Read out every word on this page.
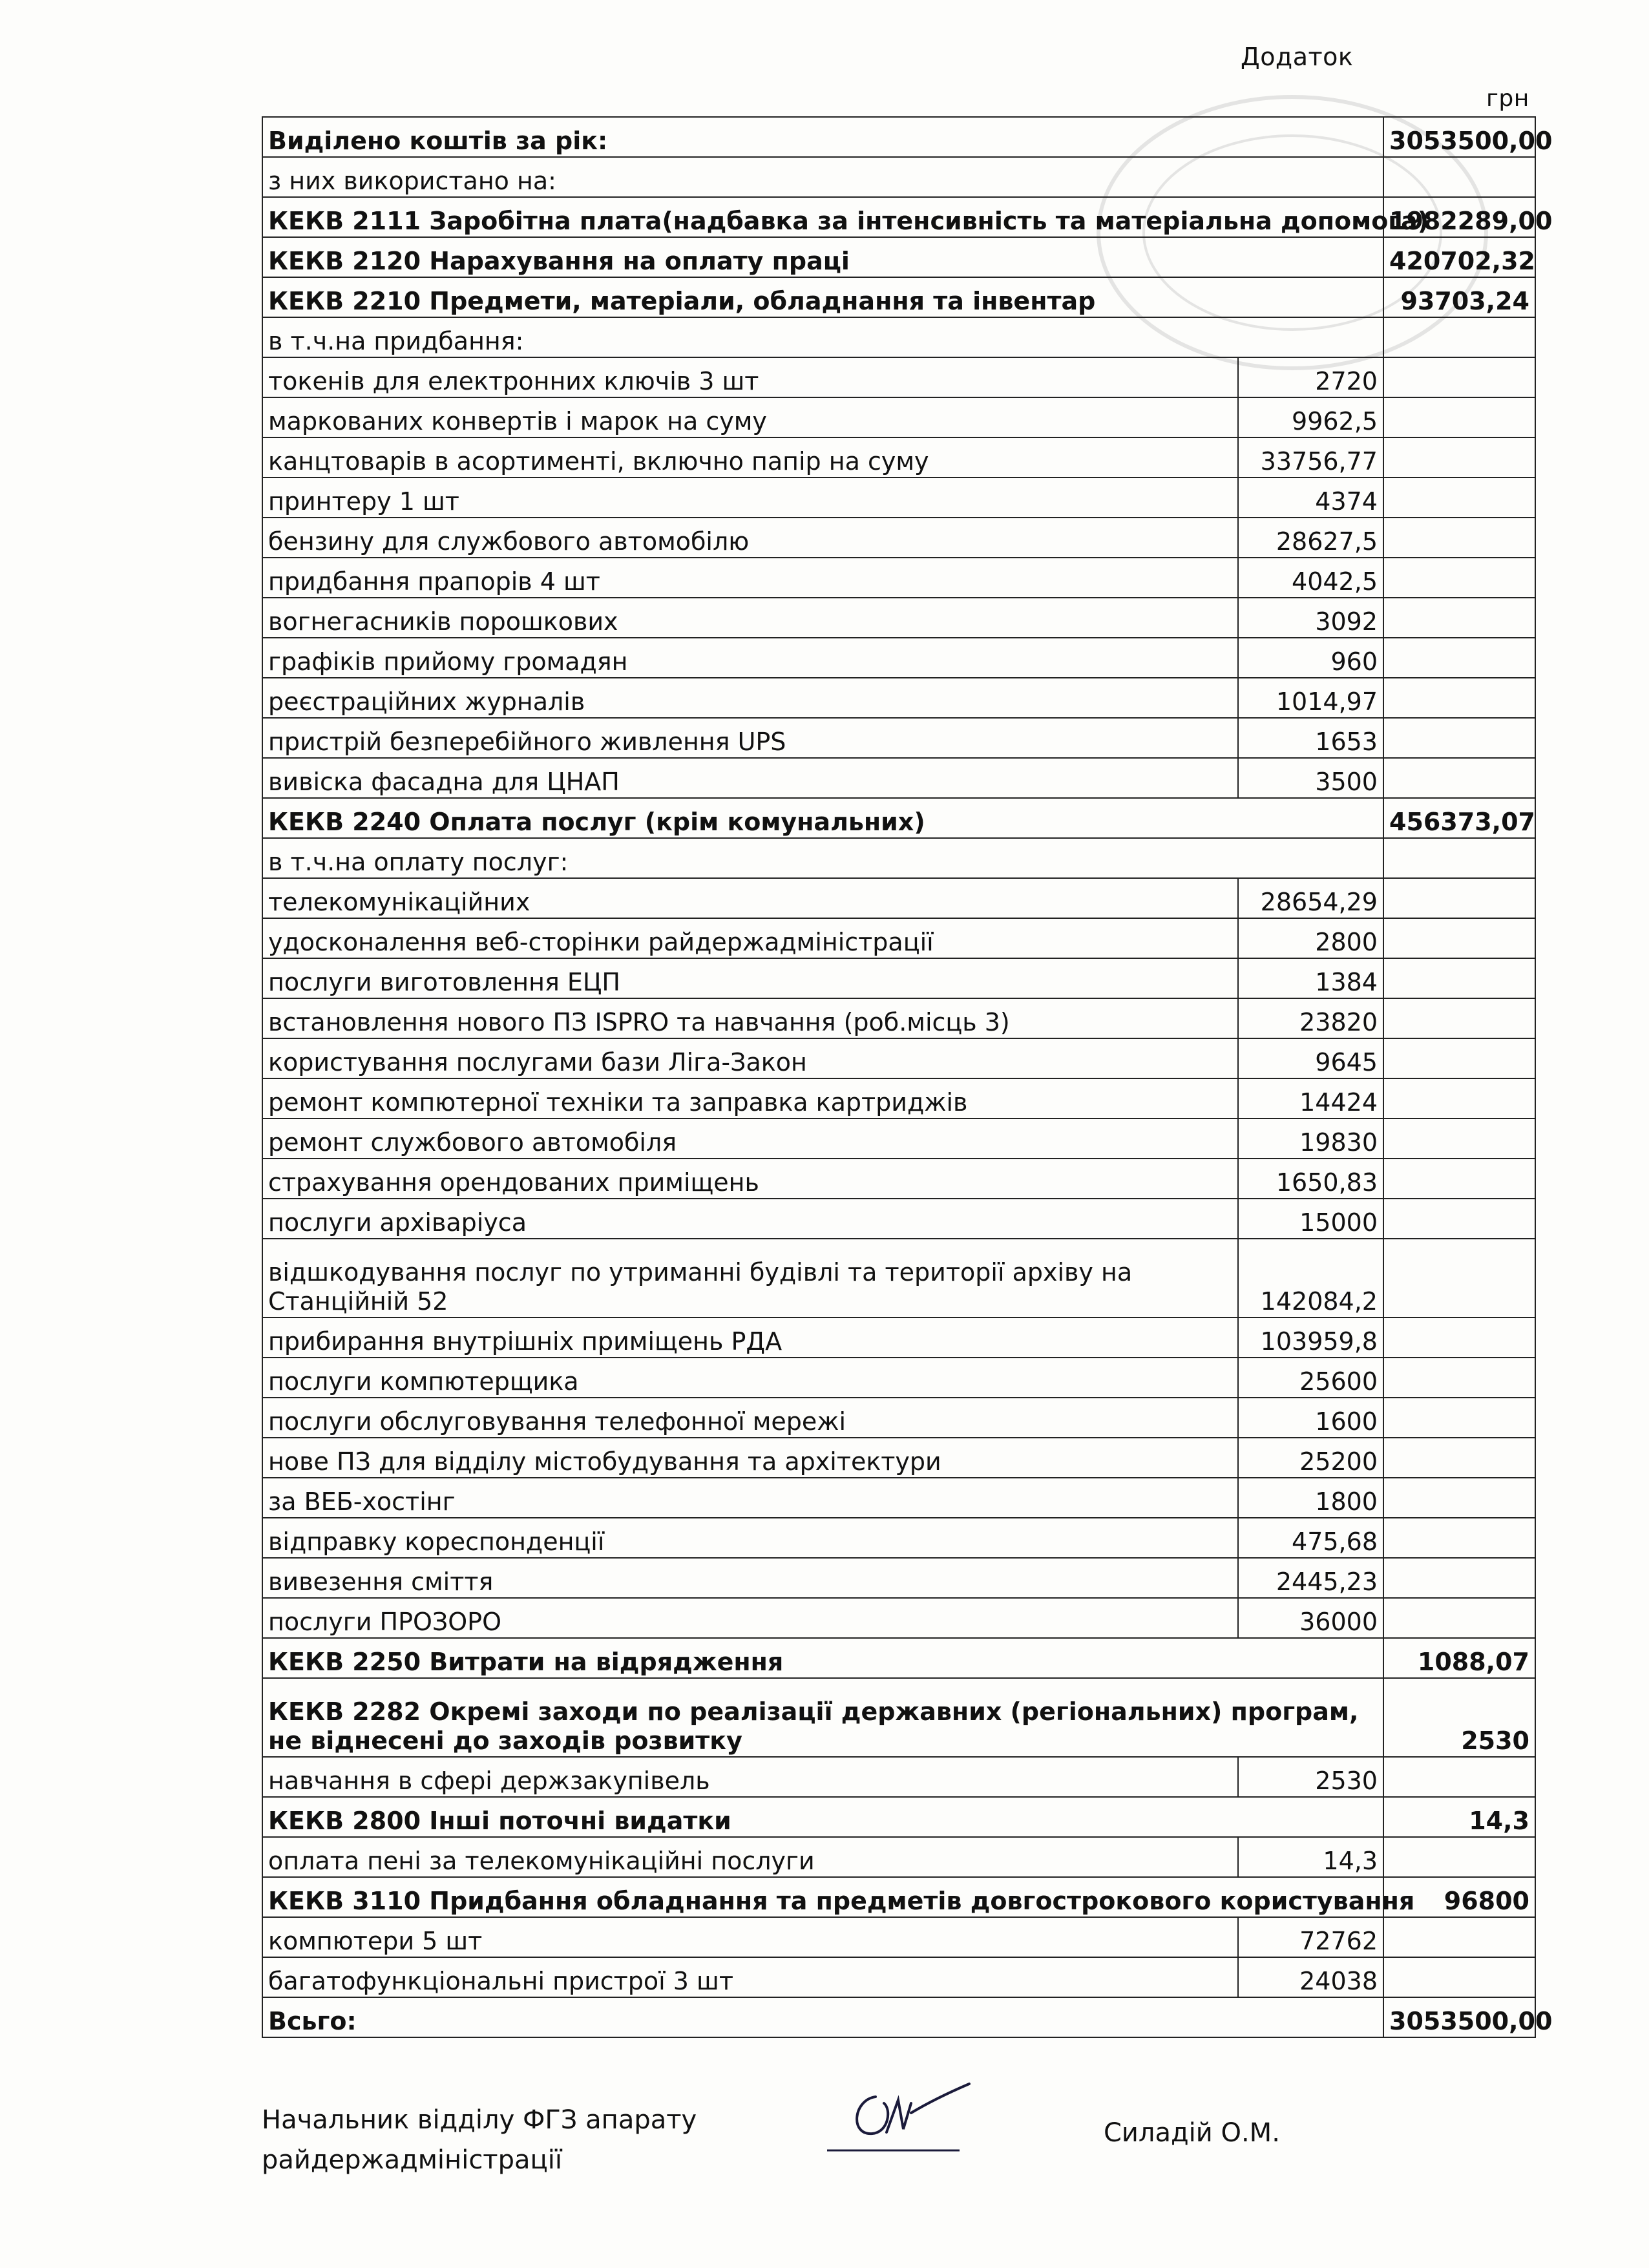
Додаток
грн
Виділено коштів за рік:		3053500,00
з них використано на:		
КЕКВ 2111 Заробітна плата(надбавка за інтенсивність та матеріальна допомога)		1982289,00
КЕКВ 2120 Нарахування на оплату праці		420702,32
КЕКВ 2210 Предмети, матеріали, обладнання та інвентар		93703,24
в т.ч.на придбання:		
токенів для електронних ключів 3 шт	2720	
маркованих конвертів і марок на суму	9962,5	
канцтоварів в асортименті, включно папір на суму	33756,77	
принтеру 1 шт	4374	
бензину для службового автомобілю	28627,5	
придбання прапорів 4 шт	4042,5	
вогнегасників порошкових	3092	
графіків прийому громадян	960	
реєстраційних журналів	1014,97	
пристрій безперебійного живлення UPS	1653	
вивіска фасадна для ЦНАП	3500	
КЕКВ 2240 Оплата послуг (крім комунальних)		456373,07
в т.ч.на оплату послуг:		
телекомунікаційних	28654,29	
удосконалення веб-сторінки райдержадміністрації	2800	
послуги виготовлення ЕЦП	1384	
встановлення нового ПЗ ISPRO та навчання (роб.місць 3)	23820	
користування послугами бази Ліга-Закон	9645	
ремонт компютерної техніки та заправка картриджів	14424	
ремонт службового автомобіля	19830	
страхування орендованих приміщень	1650,83	
послуги архіваріуса	15000	
відшкодування послуг по утриманні будівлі та території архіву на Станційній 52	142084,2	
прибирання внутрішніх приміщень РДА	103959,8	
послуги компютерщика	25600	
послуги обслуговування телефонної мережі	1600	
нове ПЗ для відділу містобудування та архітектури	25200	
за ВЕБ-хостінг	1800	
відправку кореспонденції	475,68	
вивезення сміття	2445,23	
послуги ПРОЗОРО	36000	
КЕКВ 2250 Витрати на відрядження		1088,07
КЕКВ 2282 Окремі заходи по реалізації державних (регіональних) програм, не віднесені до заходів розвитку		2530
навчання в сфері держзакупівель	2530	
КЕКВ 2800 Інші поточні видатки		14,3
оплата пені за телекомунікаційні послуги	14,3	
КЕКВ 3110 Придбання обладнання та предметів довгострокового користування		96800
компютери 5 шт	72762	
багатофункціональні пристрої 3 шт	24038	
Всьго:		3053500,00
Начальник відділу ФГЗ апарату
райдержадміністрації
Силадій О.М.
